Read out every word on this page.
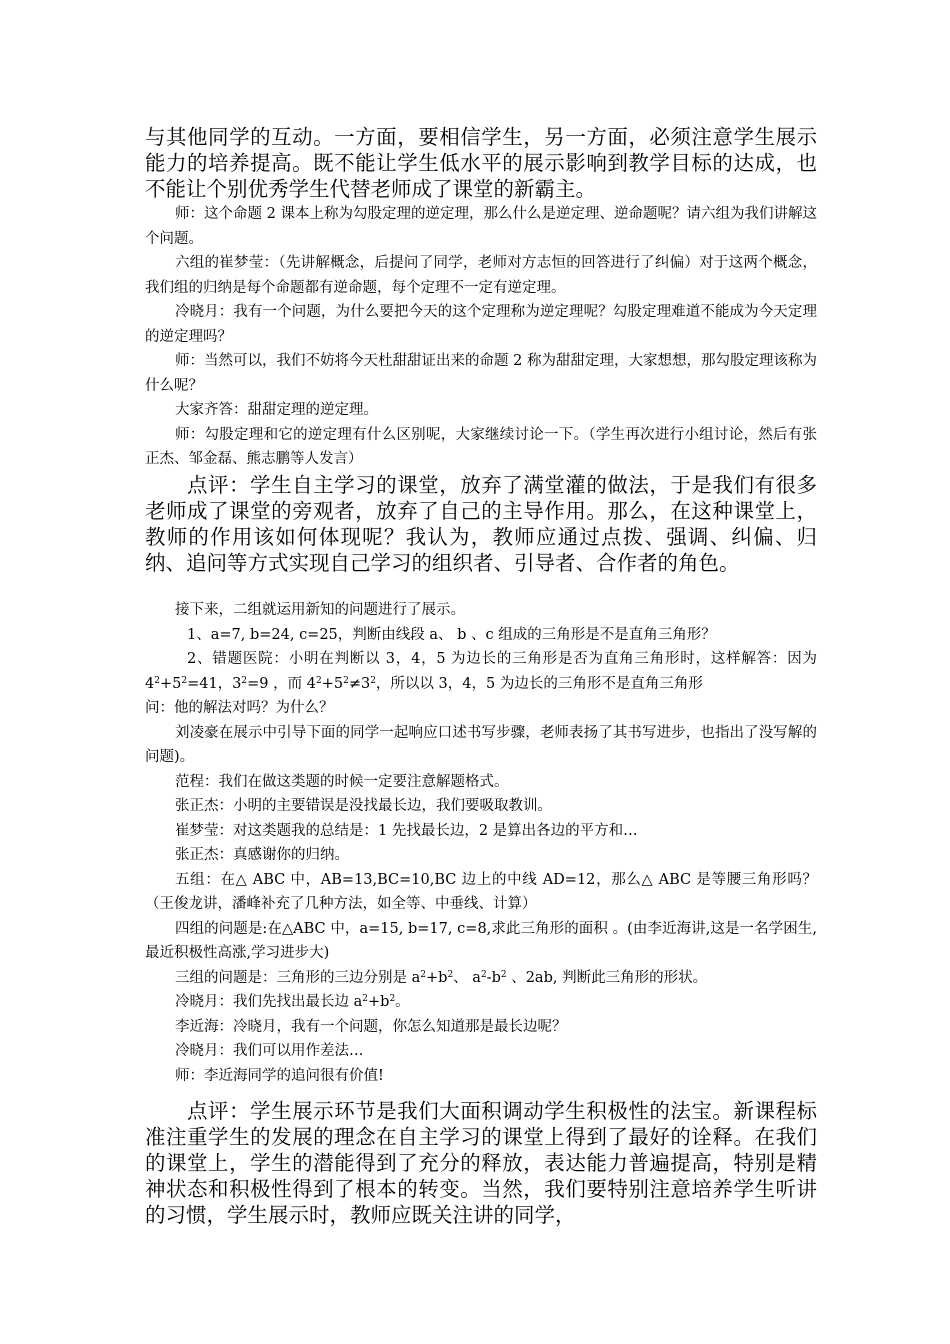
与其他同学的互动。一方面，要相信学生，另一方面，必须注意学生展示能力的培养提高。既不能让学生低水平的展示影响到教学目标的达成，也不能让个别优秀学生代替老师成了课堂的新霸主。

师：这个命题 2 课本上称为勾股定理的逆定理，那么什么是逆定理、逆命题呢？请六组为我们讲解这个问题。

六组的崔梦莹：（先讲解概念，后提问了同学，老师对方志恒的回答进行了纠偏）对于这两个概念，我们组的归纳是每个命题都有逆命题，每个定理不一定有逆定理。

冷晓月：我有一个问题，为什么要把今天的这个定理称为逆定理呢？勾股定理难道不能成为今天定理的逆定理吗？

师：当然可以，我们不妨将今天杜甜甜证出来的命题 2 称为甜甜定理，大家想想，那勾股定理该称为什么呢？

大家齐答：甜甜定理的逆定理。

师：勾股定理和它的逆定理有什么区别呢，大家继续讨论一下。（学生再次进行小组讨论，然后有张正杰、邹金磊、熊志鹏等人发言）

点评：学生自主学习的课堂，放弃了满堂灌的做法，于是我们有很多老师成了课堂的旁观者，放弃了自己的主导作用。那么，在这种课堂上，教师的作用该如何体现呢？我认为，教师应通过点拨、强调、纠偏、归纳、追问等方式实现自己学习的组织者、引导者、合作者的角色。

接下来，二组就运用新知的问题进行了展示。

1、a=7, b=24, c=25，判断由线段 a、 b 、c 组成的三角形是不是直角三角形？

2、错题医院：小明在判断以 3，4，5 为边长的三角形是否为直角三角形时，这样解答：因为 $4^2+5^2=41$，$3^2=9$ ，而 $4^2+5^2\ne 3^2$，所以以 3，4，5 为边长的三角形不是直角三角形

问：他的解法对吗？为什么？

刘凌豪在展示中引导下面的同学一起响应口述书写步骤，老师表扬了其书写进步，也指出了没写解的问题)。

范程：我们在做这类题的时候一定要注意解题格式。

张正杰：小明的主要错误是没找最长边，我们要吸取教训。

崔梦莹：对这类题我的总结是：1 先找最长边，2 是算出各边的平方和…

张正杰：真感谢你的归纳。

五组：在△ ABC 中，AB=13,BC=10,BC 边上的中线 AD=12，那么△ ABC 是等腰三角形吗？（王俊龙讲，潘峰补充了几种方法，如全等、中垂线、计算）

四组的问题是:在△ABC 中，a=15, b=17, c=8,求此三角形的面积 。(由李近海讲,这是一名学困生,最近积极性高涨,学习进步大)

三组的问题是：三角形的三边分别是 $a^2+b^2$、 $a^2-b^2$ 、2ab, 判断此三角形的形状。

冷晓月：我们先找出最长边 $a^2+b^2$。

李近海：冷晓月，我有一个问题，你怎么知道那是最长边呢？

冷晓月：我们可以用作差法…

师：李近海同学的追问很有价值!

点评：学生展示环节是我们大面积调动学生积极性的法宝。新课程标准注重学生的发展的理念在自主学习的课堂上得到了最好的诠释。在我们的课堂上，学生的潜能得到了充分的释放，表达能力普遍提高，特别是精神状态和积极性得到了根本的转变。当然，我们要特别注意培养学生听讲的习惯，学生展示时，教师应既关注讲的同学，
